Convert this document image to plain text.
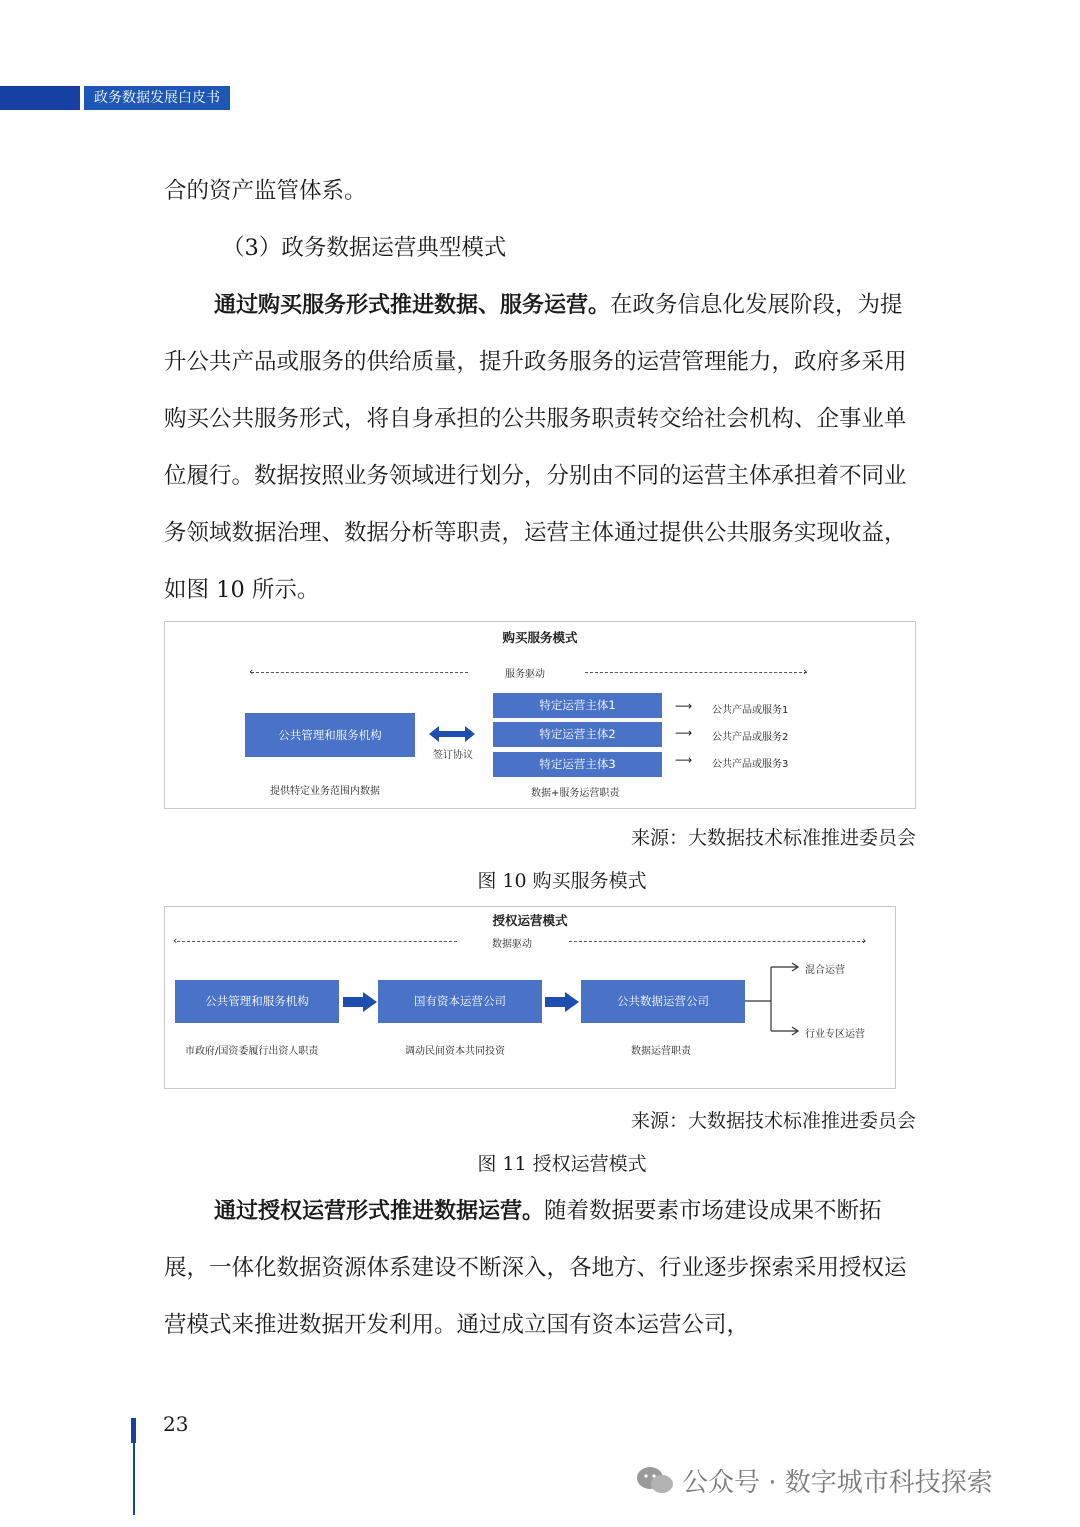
政务数据发展白皮书

合的资产监管体系。

（3）政务数据运营典型模式

通过购买服务形式推进数据、服务运营。在政务信息化发展阶段，为提升公共产品或服务的供给质量，提升政务服务的运营管理能力，政府多采用购买公共服务形式，将自身承担的公共服务职责转交给社会机构、企事业单位履行。数据按照业务领域进行划分，分别由不同的运营主体承担着不同业务领域数据治理、数据分析等职责，运营主体通过提供公共服务实现收益，如图 10 所示。

购买服务模式
‹	服务驱动	›
公共管理和服务机构
提供特定业务范围内数据
签订协议
特定运营主体1
特定运营主体2
特定运营主体3
数据+服务运营职责
⟶ 公共产品或服务1
⟶ 公共产品或服务2
⟶ 公共产品或服务3
来源：大数据技术标准推进委员会
图 10 购买服务模式
授权运营模式
数据驱动
‹	›
公共管理和服务机构	国有资本运营公司	公共数据运营公司
混合运营
行业专区运营
市政府/国资委履行出资人职责	调动民间资本共同投资	数据运营职责
来源：大数据技术标准推进委员会
图 11 授权运营模式

通过授权运营形式推进数据运营。随着数据要素市场建设成果不断拓展，一体化数据资源体系建设不断深入，各地方、行业逐步探索采用授权运营模式来推进数据开发利用。通过成立国有资本运营公司，

23
公众号 · 数字城市科技探索
